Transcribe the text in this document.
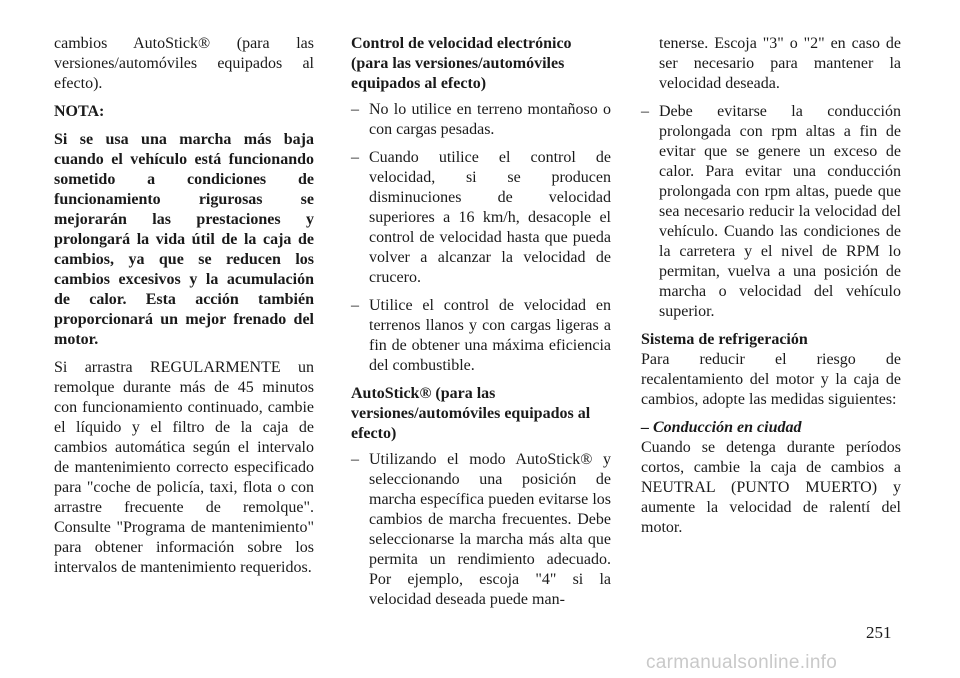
cambios AutoStick® (para las versiones/automóviles equipados al efecto).

NOTA:

Si se usa una marcha más baja cuando el vehículo está funcionando sometido a condiciones de funcionamiento rigurosas se mejorarán las prestaciones y prolongará la vida útil de la caja de cambios, ya que se reducen los cambios excesivos y la acumulación de calor. Esta acción también proporcionará un mejor frenado del motor.

Si arrastra REGULARMENTE un remolque durante más de 45 minutos con funcionamiento continuado, cambie el líquido y el filtro de la caja de cambios automática según el intervalo de mantenimiento correcto especificado para "coche de policía, taxi, flota o con arrastre frecuente de remolque". Consulte "Programa de mantenimiento" para obtener información sobre los intervalos de mantenimiento requeridos.

Control de velocidad electrónico (para las versiones/automóviles equipados al efecto)

– No lo utilice en terreno montañoso o con cargas pesadas.
– Cuando utilice el control de velocidad, si se producen disminuciones de velocidad superiores a 16 km/h, desacople el control de velocidad hasta que pueda volver a alcanzar la velocidad de crucero.
– Utilice el control de velocidad en terrenos llanos y con cargas ligeras a fin de obtener una máxima eficiencia del combustible.

AutoStick® (para las versiones/automóviles equipados al efecto)

– Utilizando el modo AutoStick® y seleccionando una posición de marcha específica pueden evitarse los cambios de marcha frecuentes. Debe seleccionarse la marcha más alta que permita un rendimiento adecuado. Por ejemplo, escoja "4" si la velocidad deseada puede man-

tenerse. Escoja "3" o "2" en caso de ser necesario para mantener la velocidad deseada.

– Debe evitarse la conducción prolongada con rpm altas a fin de evitar que se genere un exceso de calor. Para evitar una conducción prolongada con rpm altas, puede que sea necesario reducir la velocidad del vehículo. Cuando las condiciones de la carretera y el nivel de RPM lo permitan, vuelva a una posición de marcha o velocidad del vehículo superior.

Sistema de refrigeración

Para reducir el riesgo de recalentamiento del motor y la caja de cambios, adopte las medidas siguientes:

– Conducción en ciudad

Cuando se detenga durante períodos cortos, cambie la caja de cambios a NEUTRAL (PUNTO MUERTO) y aumente la velocidad de ralentí del motor.

251
carmanualsonline.info
